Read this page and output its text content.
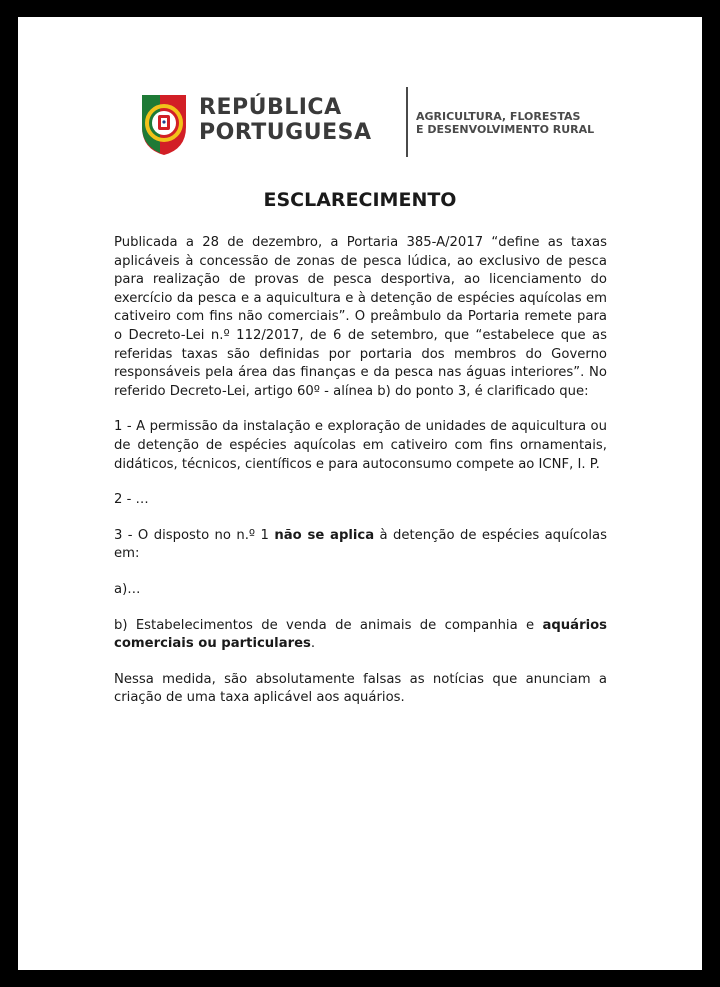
REPÚBLICA
PORTUGUESA
AGRICULTURA, FLORESTAS
E DESENVOLVIMENTO RURAL
ESCLARECIMENTO

Publicada a 28 de dezembro, a Portaria 385-A/2017 “define as taxas aplicáveis à concessão de zonas de pesca lúdica, ao exclusivo de pesca para realização de provas de pesca desportiva, ao licenciamento do exercício da pesca e a aquicultura e à detenção de espécies aquícolas em cativeiro com fins não comerciais”. O preâmbulo da Portaria remete para o Decreto-Lei n.º 112/2017, de 6 de setembro, que “estabelece que as referidas taxas são definidas por portaria dos membros do Governo responsáveis pela área das finanças e da pesca nas águas interiores”. No referido Decreto-Lei, artigo 60º - alínea b) do ponto 3, é clarificado que:

1 - A permissão da instalação e exploração de unidades de aquicultura ou de detenção de espécies aquícolas em cativeiro com fins ornamentais, didáticos, técnicos, científicos e para autoconsumo compete ao ICNF, I. P.

2 - …

3 - O disposto no n.º 1 não se aplica à detenção de espécies aquícolas em:

a)…

b) Estabelecimentos de venda de animais de companhia e aquários comerciais ou particulares.

Nessa medida, são absolutamente falsas as notícias que anunciam a criação de uma taxa aplicável aos aquários.
